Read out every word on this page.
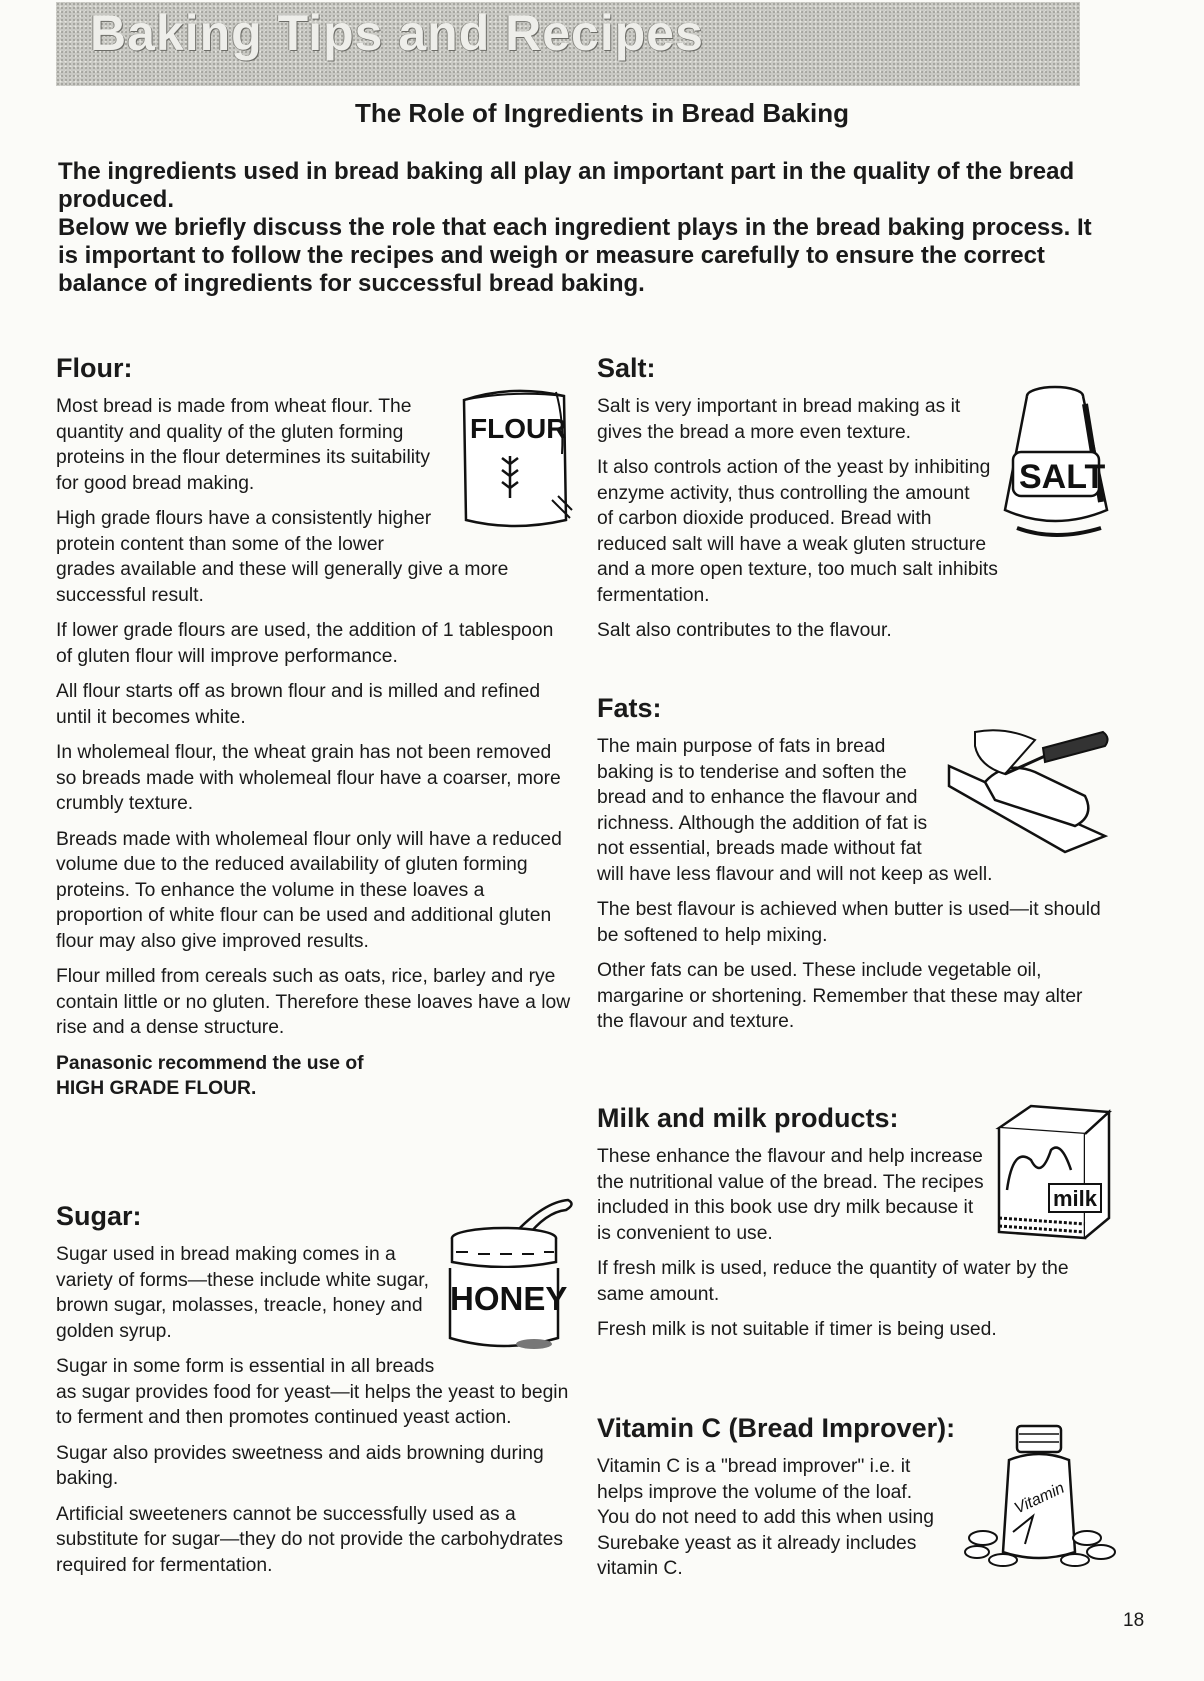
Baking Tips and Recipes
The Role of Ingredients in Bread Baking

The ingredients used in bread baking all play an important part in the quality of the bread produced.

Below we briefly discuss the role that each ingredient plays in the bread baking process. It is important to follow the recipes and weigh or measure carefully to ensure the correct balance of ingredients for successful bread baking.

Flour:
FLOUR

Most bread is made from wheat flour. The quantity and quality of the gluten forming proteins in the flour determines its suitability for good bread making.

High grade flours have a consistently higher protein content than some of the lower grades available and these will generally give a more successful result.

If lower grade flours are used, the addition of 1 tablespoon of gluten flour will improve performance.

All flour starts off as brown flour and is milled and refined until it becomes white.

In wholemeal flour, the wheat grain has not been removed so breads made with wholemeal flour have a coarser, more crumbly texture.

Breads made with wholemeal flour only will have a reduced volume due to the reduced availability of gluten forming proteins. To enhance the volume in these loaves a proportion of white flour can be used and additional gluten flour may also give improved results.

Flour milled from cereals such as oats, rice, barley and rye contain little or no gluten. Therefore these loaves have a low rise and a dense structure.

Panasonic recommend the use of

HIGH GRADE FLOUR.

Sugar:
HONEY

Sugar used in bread making comes in a variety of forms—these include white sugar, brown sugar, molasses, treacle, honey and golden syrup.

Sugar in some form is essential in all breads as sugar provides food for yeast—it helps the yeast to begin to ferment and then promotes continued yeast action.

Sugar also provides sweetness and aids browning during baking.

Artificial sweeteners cannot be successfully used as a substitute for sugar—they do not provide the carbohydrates required for fermentation.

Salt:
SALT

Salt is very important in bread making as it gives the bread a more even texture.

It also controls action of the yeast by inhibiting enzyme activity, thus controlling the amount of carbon dioxide produced. Bread with reduced salt will have a weak gluten structure and a more open texture, too much salt inhibits fermentation.

Salt also contributes to the flavour.

Fats:

The main purpose of fats in bread baking is to tenderise and soften the bread and to enhance the flavour and richness. Although the addition of fat is not essential, breads made without fat will have less flavour and will not keep as well.

The best flavour is achieved when butter is used—it should be softened to help mixing.

Other fats can be used. These include vegetable oil, margarine or shortening. Remember that these may alter the flavour and texture.

Milk and milk products:
milk

These enhance the flavour and help increase the nutritional value of the bread. The recipes included in this book use dry milk because it is convenient to use.

If fresh milk is used, reduce the quantity of water by the same amount.

Fresh milk is not suitable if timer is being used.

Vitamin C (Bread Improver):
Vitamin

Vitamin C is a "bread improver" i.e. it helps improve the volume of the loaf.

You do not need to add this when using Surebake yeast as it already includes vitamin C.

18
